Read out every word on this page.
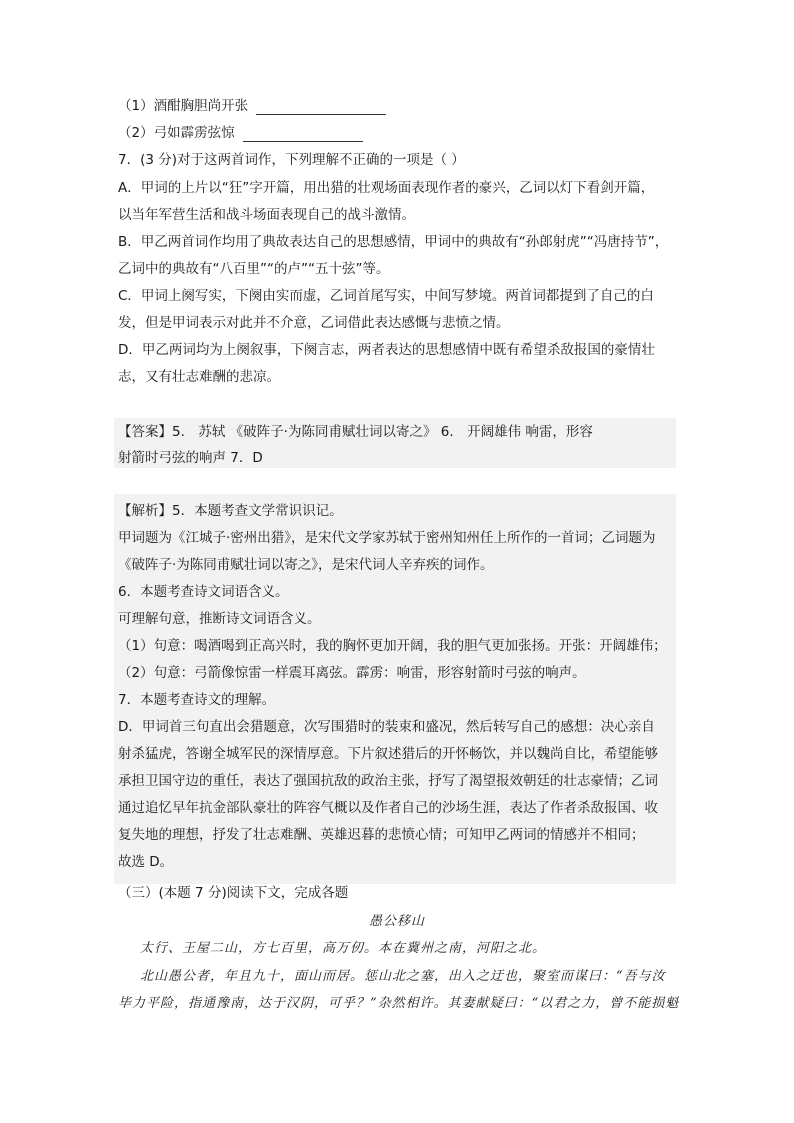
（1）酒酣胸胆尚开张
（2）弓如霹雳弦惊
7．(3 分)对于这两首词作，下列理解不正确的一项是（ ）
A．甲词的上片以“狂”字开篇，用出猎的壮观场面表现作者的豪兴，乙词以灯下看剑开篇，
以当年军营生活和战斗场面表现自己的战斗激情。
B．甲乙两首词作均用了典故表达自己的思想感情，甲词中的典故有“孙郎射虎”“冯唐持节”，
乙词中的典故有“八百里”“的卢”“五十弦”等。
C．甲词上阕写实，下阕由实而虚，乙词首尾写实，中间写梦境。两首词都提到了自己的白
发，但是甲词表示对此并不介意，乙词借此表达感慨与悲愤之情。
D．甲乙两词均为上阕叙事，下阕言志，两者表达的思想感情中既有希望杀敌报国的豪情壮
志，又有壮志难酬的悲凉。
【答案】5． 苏轼 《破阵子·为陈同甫赋壮词以寄之》 6． 开阔雄伟 响雷，形容
射箭时弓弦的响声 7．D
【解析】5．本题考查文学常识识记。
甲词题为《江城子·密州出猎》，是宋代文学家苏轼于密州知州任上所作的一首词；乙词题为
《破阵子·为陈同甫赋壮词以寄之》，是宋代词人辛弃疾的词作。
6．本题考查诗文词语含义。
可理解句意，推断诗文词语含义。
（1）句意：喝酒喝到正高兴时，我的胸怀更加开阔，我的胆气更加张扬。开张：开阔雄伟；
（2）句意：弓箭像惊雷一样震耳离弦。霹雳：响雷，形容射箭时弓弦的响声。
7．本题考查诗文的理解。
D．甲词首三句直出会猎题意，次写围猎时的装束和盛况，然后转写自己的感想：决心亲自
射杀猛虎，答谢全城军民的深情厚意。下片叙述猎后的开怀畅饮，并以魏尚自比，希望能够
承担卫国守边的重任，表达了强国抗敌的政治主张，抒写了渴望报效朝廷的壮志豪情；乙词
通过追忆早年抗金部队豪壮的阵容气概以及作者自己的沙场生涯，表达了作者杀敌报国、收
复失地的理想，抒发了壮志难酬、英雄迟暮的悲愤心情；可知甲乙两词的情感并不相同；
故选 D。
（三）(本题 7 分)阅读下文，完成各题
愚公移山
太行、王屋二山，方七百里，高万仞。本在冀州之南，河阳之北。
北山愚公者，年且九十，面山而居。惩山北之塞，出入之迂也，聚室而谋曰：“吾与汝
毕力平险，指通豫南，达于汉阴，可乎？”杂然相许。其妻献疑曰：“以君之力，曾不能损魁
